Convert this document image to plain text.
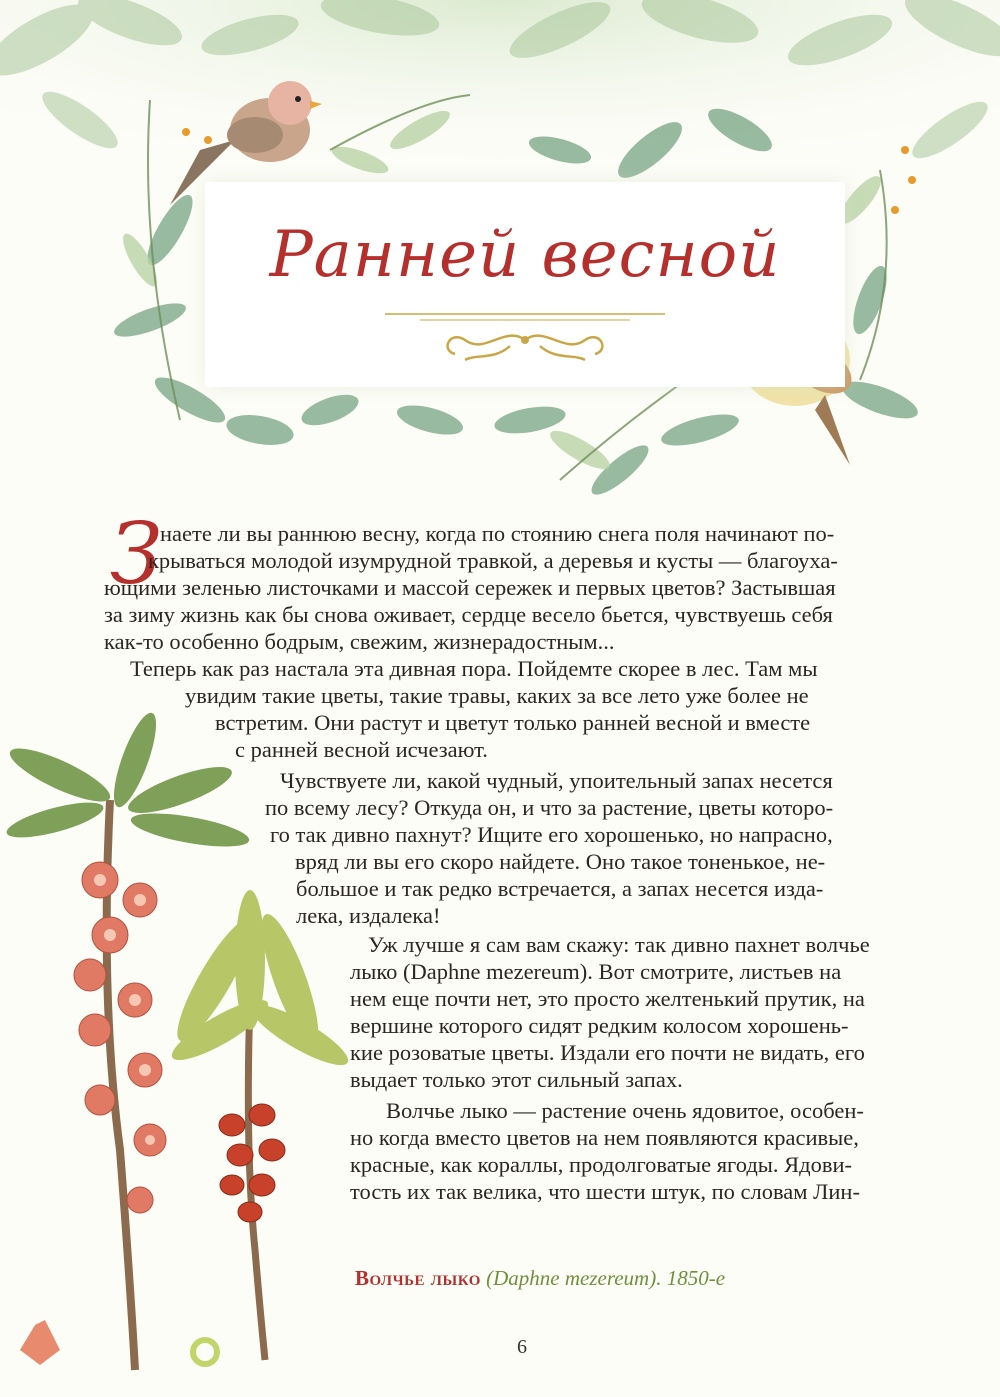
Ранней весной
З

наете ли вы раннюю весну, когда по стоянию снега поля начинают по-

крываться молодой изумрудной травкой, а деревья и кусты — благоуха-

ющими зеленью листочками и массой сережек и первых цветов? Застывшая

за зиму жизнь как бы снова оживает, сердце весело бьется, чувствуешь себя

как-то особенно бодрым, свежим, жизнерадостным...

Теперь как раз настала эта дивная пора. Пойдемте скорее в лес. Там мы

увидим такие цветы, такие травы, каких за все лето уже более не

встретим. Они растут и цветут только ранней весной и вместе

с ранней весной исчезают.

Чувствуете ли, какой чудный, упоительный запах несется

по всему лесу? Откуда он, и что за растение, цветы которо-

го так дивно пахнут? Ищите его хорошенько, но напрасно,

вряд ли вы его скоро найдете. Оно такое тоненькое, не-

большое и так редко встречается, а запах несется изда-

лека, издалека!

Уж лучше я сам вам скажу: так дивно пахнет волчье

лыко (Daphne mezereum). Вот смотрите, листьев на

нем еще почти нет, это просто желтенький прутик, на

вершине которого сидят редким колосом хорошень-

кие розоватые цветы. Издали его почти не видать, его

выдает только этот сильный запах.

Волчье лыко — растение очень ядовитое, особен-

но когда вместо цветов на нем появляются красивые,

красные, как кораллы, продолговатые ягоды. Ядови-

тость их так велика, что шести штук, по словам Лин-

Волчье лыко (Daphne mezereum). 1850-е

6
